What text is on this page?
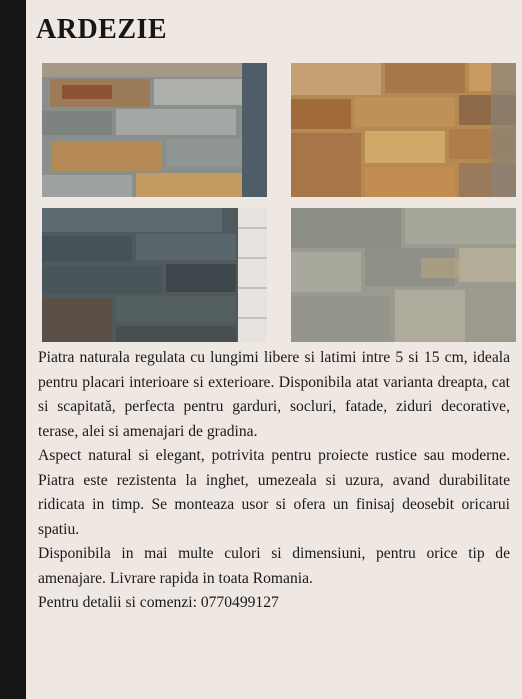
ARDEZIE

Piatra naturala regulata cu lungimi libere si latimi intre 5 si 15 cm, ideala pentru placari interioare si exterioare. Disponibila atat varianta dreapta, cat si scapitată, perfecta pentru garduri, socluri, fatade, ziduri decorative, terase, alei si amenajari de gradina.

Aspect natural si elegant, potrivita pentru proiecte rustice sau moderne. Piatra este rezistenta la inghet, umezeala si uzura, avand durabilitate ridicata in timp. Se monteaza usor si ofera un finisaj deosebit oricarui spatiu.

Disponibila in mai multe culori si dimensiuni, pentru orice tip de amenajare. Livrare rapida in toata Romania.

Pentru detalii si comenzi: 0770499127
